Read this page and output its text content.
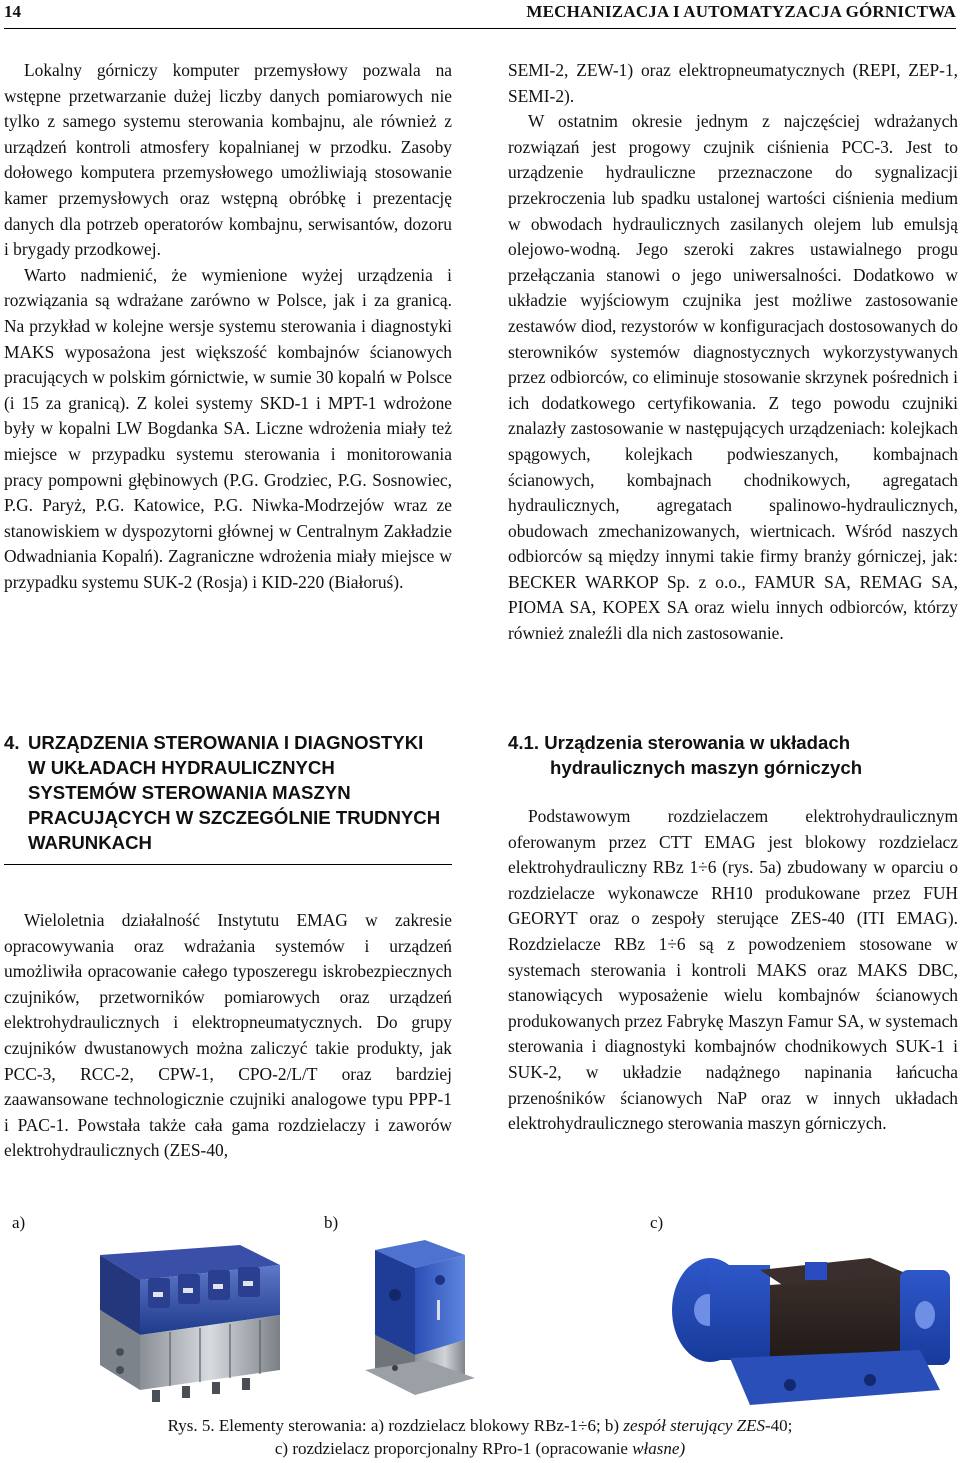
14	MECHANIZACJA I AUTOMATYZACJA GÓRNICTWA

Lokalny górniczy komputer przemysłowy pozwala na wstępne przetwarzanie dużej liczby danych pomiarowych nie tylko z samego systemu sterowania kombajnu, ale również z urządzeń kontroli atmosfery kopalnianej w przodku. Zasoby dołowego komputera przemysłowego umożliwiają stosowanie kamer przemysłowych oraz wstępną obróbkę i prezentację danych dla potrzeb operatorów kombajnu, serwisantów, dozoru i brygady przodkowej.

Warto nadmienić, że wymienione wyżej urządzenia i rozwiązania są wdrażane zarówno w Polsce, jak i za granicą. Na przykład w kolejne wersje systemu sterowania i diagnostyki MAKS wyposażona jest większość kombajnów ścianowych pracujących w polskim górnictwie, w sumie 30 kopalń w Polsce (i 15 za granicą). Z kolei systemy SKD-1 i MPT-1 wdrożone były w kopalni LW Bogdanka SA. Liczne wdrożenia miały też miejsce w przypadku systemu sterowania i monitorowania pracy pompowni głębinowych (P.G. Grodziec, P.G. Sosnowiec, P.G. Paryż, P.G. Katowice, P.G. Niwka-Modrzejów wraz ze stanowiskiem w dyspozytorni głównej w Centralnym Zakładzie Odwadniania Kopalń). Zagraniczne wdrożenia miały miejsce w przypadku systemu SUK-2 (Rosja) i KID-220 (Białoruś).

4. URZĄDZENIA STEROWANIA I DIAGNOSTYKI W UKŁADACH HYDRAULICZNYCH SYSTEMÓW STEROWANIA MASZYN PRACUJĄCYCH W SZCZEGÓLNIE TRUDNYCH WARUNKACH

Wieloletnia działalność Instytutu EMAG w zakresie opracowywania oraz wdrażania systemów i urządzeń umożliwiła opracowanie całego typoszeregu iskrobezpiecznych czujników, przetworników pomiarowych oraz urządzeń elektrohydraulicznych i elektropneumatycznych. Do grupy czujników dwustanowych można zaliczyć takie produkty, jak PCC-3, RCC-2, CPW-1, CPO-2/L/T oraz bardziej zaawansowane technologicznie czujniki analogowe typu PPP-1 i PAC-1. Powstała także cała gama rozdzielaczy i zaworów elektrohydraulicznych (ZES-40,

SEMI-2, ZEW-1) oraz elektropneumatycznych (REPI, ZEP-1, SEMI-2).

W ostatnim okresie jednym z najczęściej wdrażanych rozwiązań jest progowy czujnik ciśnienia PCC-3. Jest to urządzenie hydrauliczne przeznaczone do sygnalizacji przekroczenia lub spadku ustalonej wartości ciśnienia medium w obwodach hydraulicznych zasilanych olejem lub emulsją olejowo-wodną. Jego szeroki zakres ustawialnego progu przełączania stanowi o jego uniwersalności. Dodatkowo w układzie wyjściowym czujnika jest możliwe zastosowanie zestawów diod, rezystorów w konfiguracjach dostosowanych do sterowników systemów diagnostycznych wykorzystywanych przez odbiorców, co eliminuje stosowanie skrzynek pośrednich i ich dodatkowego certyfikowania. Z tego powodu czujniki znalazły zastosowanie w następujących urządzeniach: kolejkach spągowych, kolejkach podwieszanych, kombajnach ścianowych, kombajnach chodnikowych, agregatach hydraulicznych, agregatach spalinowo-hydraulicznych, obudowach zmechanizowanych, wiertnicach. Wśród naszych odbiorców są między innymi takie firmy branży górniczej, jak: BECKER WARKOP Sp. z o.o., FAMUR SA, REMAG SA, PIOMA SA, KOPEX SA oraz wielu innych odbiorców, którzy również znaleźli dla nich zastosowanie.

4.1. Urządzenia sterowania w układach
hydraulicznych maszyn górniczych

Podstawowym rozdzielaczem elektrohydraulicznym oferowanym przez CTT EMAG jest blokowy rozdzielacz elektrohydrauliczny RBz 1÷6 (rys. 5a) zbudowany w oparciu o rozdzielacze wykonawcze RH10 produkowane przez FUH GEORYT oraz o zespoły sterujące ZES-40 (ITI EMAG). Rozdzielacze RBz 1÷6 są z powodzeniem stosowane w systemach sterowania i kontroli MAKS oraz MAKS DBC, stanowiących wyposażenie wielu kombajnów ścianowych produkowanych przez Fabrykę Maszyn Famur SA, w systemach sterowania i diagnostyki kombajnów chodnikowych SUK-1 i SUK-2, w układzie nadążnego napinania łańcucha przenośników ścianowych NaP oraz w innych układach elektrohydraulicznego sterowania maszyn górniczych.

a)	b)	c)
Rys. 5. Elementy sterowania: a) rozdzielacz blokowy RBz-1÷6; b) zespół sterujący ZES-40;
c) rozdzielacz proporcjonalny RPro-1 (opracowanie własne)
